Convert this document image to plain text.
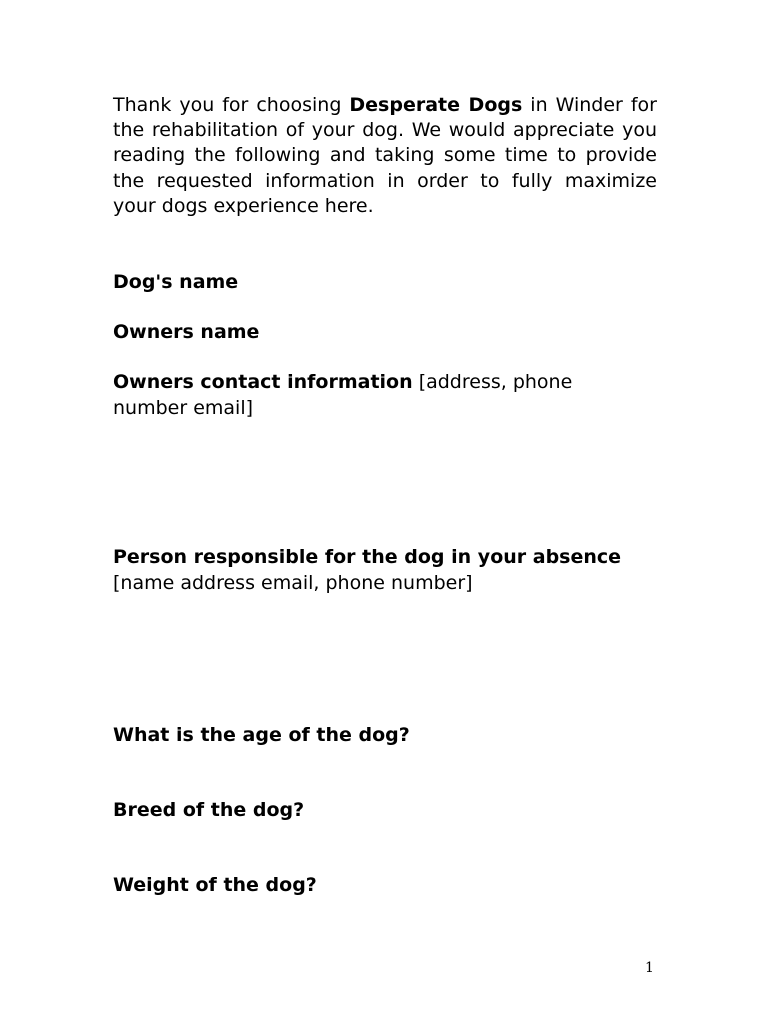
Thank you for choosing Desperate Dogs in Winder for the rehabilitation of your dog. We would appreciate you reading the following and taking some time to provide the requested information in order to fully maximize your dogs experience here.

Dog's name

Owners name

Owners contact information [address, phone number email]

Person responsible for the dog in your absence
[name address email, phone number]

What is the age of the dog?

Breed of the dog?

Weight of the dog?

1
